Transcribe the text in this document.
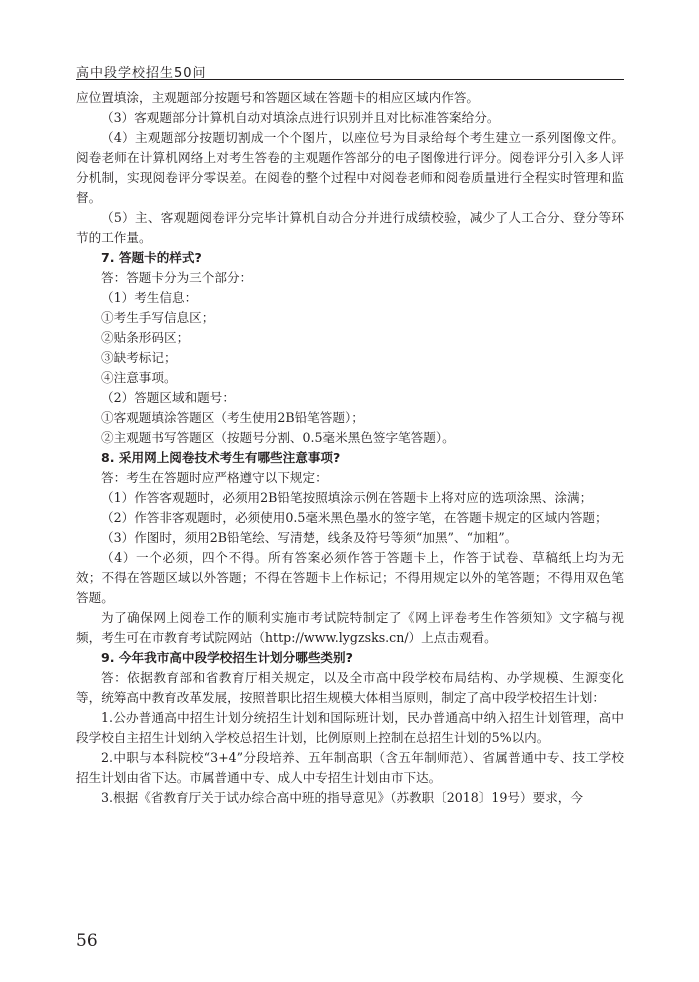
高中段学校招生50问

应位置填涂，主观题部分按题号和答题区域在答题卡的相应区域内作答。

（3）客观题部分计算机自动对填涂点进行识别并且对比标准答案给分。

（4）主观题部分按题切割成一个个图片，以座位号为目录给每个考生建立一系列图像文件。阅卷老师在计算机网络上对考生答卷的主观题作答部分的电子图像进行评分。阅卷评分引入多人评分机制，实现阅卷评分零误差。在阅卷的整个过程中对阅卷老师和阅卷质量进行全程实时管理和监督。

（5）主、客观题阅卷评分完毕计算机自动合分并进行成绩校验，减少了人工合分、登分等环节的工作量。

7. 答题卡的样式?

答：答题卡分为三个部分：

（1）考生信息：

①考生手写信息区；

②贴条形码区；

③缺考标记；

④注意事项。

（2）答题区域和题号：

①客观题填涂答题区（考生使用2B铅笔答题）；

②主观题书写答题区（按题号分割、0.5毫米黑色签字笔答题）。

8. 采用网上阅卷技术考生有哪些注意事项?

答：考生在答题时应严格遵守以下规定：

（1）作答客观题时，必须用2B铅笔按照填涂示例在答题卡上将对应的选项涂黑、涂满；

（2）作答非客观题时，必须使用0.5毫米黑色墨水的签字笔，在答题卡规定的区域内答题；

（3）作图时，须用2B铅笔绘、写清楚，线条及符号等须“加黑”、“加粗”。

（4）一个必须，四个不得。所有答案必须作答于答题卡上，作答于试卷、草稿纸上均为无效；不得在答题区域以外答题；不得在答题卡上作标记；不得用规定以外的笔答题；不得用双色笔答题。

为了确保网上阅卷工作的顺利实施市考试院特制定了《网上评卷考生作答须知》文字稿与视频，考生可在市教育考试院网站（http://www.lygzsks.cn/）上点击观看。

9. 今年我市高中段学校招生计划分哪些类别?

答：依据教育部和省教育厅相关规定，以及全市高中段学校布局结构、办学规模、生源变化等，统筹高中教育改革发展，按照普职比招生规模大体相当原则，制定了高中段学校招生计划：

1.公办普通高中招生计划分统招生计划和国际班计划，民办普通高中纳入招生计划管理，高中段学校自主招生计划纳入学校总招生计划，比例原则上控制在总招生计划的5%以内。

2.中职与本科院校“3+4”分段培养、五年制高职（含五年制师范）、省属普通中专、技工学校招生计划由省下达。市属普通中专、成人中专招生计划由市下达。

3.根据《省教育厅关于试办综合高中班的指导意见》（苏教职〔2018〕19号）要求，今

56
